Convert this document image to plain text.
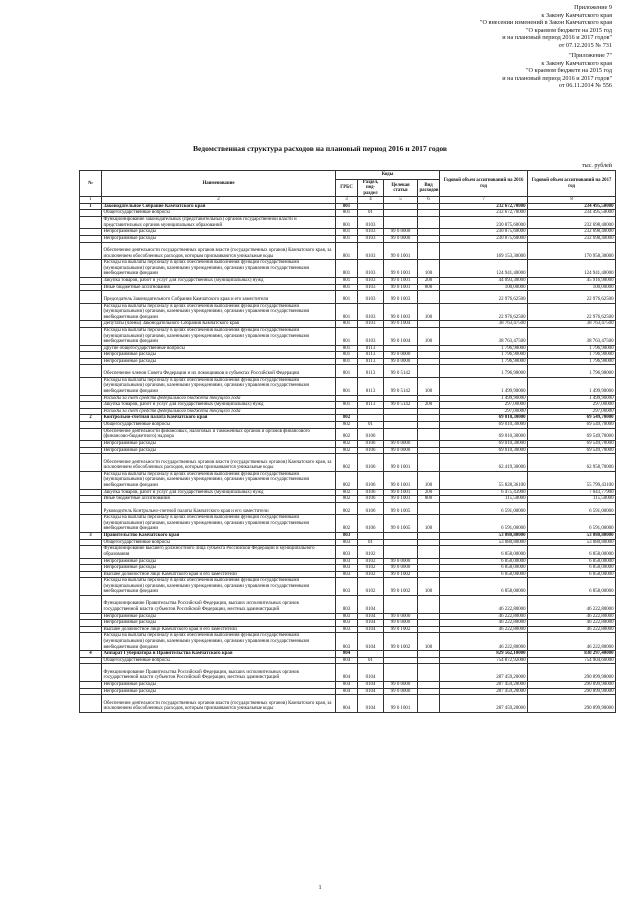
Приложение 9
к Закону Камчатского края
"О внесении изменений в Закон Камчатского края
"О краевом бюджете на 2015 год
и на плановый период 2016 и 2017 годов"
от 07.12.2015 № 731
"Приложение 7"
к Закону Камчатского края
"О краевом бюджете на 2015 год
и на плановый период 2016 и 2017 годов"
от 06.11.2014 № 556
Ведомственная структура расходов на плановый период 2016 и 2017 годов
тыс. рублей
№	Наименование	Коды				Годовой объем ассигнований на 2016 год	Годовой объем ассигнований на 2017 год
		ГРБС	Раздел, под-раздел	Целевая статья	Вид расходов		
1	2	3	4	5	6	7	8
1	Законодательное Собрание Камчатского края	801				232 672,70000	234 495,50000
	Общегосударственные вопросы	801	01			232 672,70000	234 495,50000
	Функционирование законодательных (представительных) органов государственной власти и представительных органов муниципальных образований	801	0103			230 875,60000	232 698,40000
	Непрограммные расходы	801	0103	99 0 0000		230 875,60000	232 698,40000
	Непрограммные расходы	801	0103	99 0 0000		230 875,60000	232 698,40000
	Обеспечение деятельности государственных органов власти (государственных органов) Камчатского края, за исключением обособленных расходов, которым присваиваются уникальные коды	801	0103	99 0 1001		169 153,30000	170 958,30000
	Расходы на выплаты персоналу в целях обеспечения выполнения функций государственными (муниципальными) органами, казенными учреждениями, органами управления государственными внебюджетными фондами	801	0103	99 0 1001	100	124 941,40000	124 941,40000
	Закупка товаров, работ и услуг для государственных (муниципальных) нужд	801	0103	99 0 1001	200	44 093,30000	45 916,90000
	Иные бюджетные ассигнования	801	0103	99 0 1001	800	100,00000	100,00000
	Председатель Законодательного Собрания Камчатского края и его заместители	801	0103	99 0 1003		22 976,62500	22 976,62500
	Расходы на выплаты персоналу в целях обеспечения выполнения функций государственными (муниципальными) органами, казенными учреждениями, органами управления государственными внебюджетными фондами	801	0103	99 0 1003	100	22 976,62500	22 976,62500
	Депутаты (члены) Законодательного Собрания Камчатского края	801	0103	99 0 1004		38 763,47500	38 763,47500
	Расходы на выплаты персоналу в целях обеспечения выполнения функций государственными (муниципальными) органами, казенными учреждениями, органами управления государственными внебюджетными фондами	801	0103	99 0 1004	100	38 763,47500	38 763,47500
	Другие общегосударственные вопросы	801	0113			1 796,90000	1 796,90000
	Непрограммные расходы	801	0113	99 0 0000		1 796,90000	1 796,90000
	Непрограммные расходы	801	0113	99 0 0000		1 796,90000	1 796,90000
	Обеспечение членов Совета Федерации и их помощников в субъектах Российской Федерации	801	0113	99 0 5142		1 796,90000	1 796,90000
	Расходы на выплаты персоналу в целях обеспечения выполнения функций государственными (муниципальными) органами, казенными учреждениями, органами управления государственными внебюджетными фондами	801	0113	99 0 5142	100	1 499,90000	1 499,90000
	Расходы за счет средств федерального бюджета текущего года					1 499,90000	1 499,90000
	Закупка товаров, работ и услуг для государственных (муниципальных) нужд	801	0113	99 0 5142	200	297,00000	297,00000
	Расходы за счет средств федерального бюджета текущего года					297,00000	297,00000
2	Контрольно-счетная палата Камчатского края	802				69 010,30000	69 549,70000
	Общегосударственные вопросы	802	01			69 010,30000	69 549,70000
	Обеспечение деятельности финансовых, налоговых и таможенных органов и органов финансового (финансово-бюджетного) надзора	802	0106			69 010,30000	69 549,70000
	Непрограммные расходы	802	0106	99 0 0000		69 010,30000	69 549,70000
	Непрограммные расходы	802	0106	99 0 0000		69 010,30000	69 549,70000
	Обеспечение деятельности государственных органов власти (государственных органов) Камчатского края, за исключением обособленных расходов, которым присваиваются уникальные коды	802	0106	99 0 1001		62 419,30000	62 958,70000
	Расходы на выплаты персоналу в целях обеспечения выполнения функций государственными (муниципальными) органами, казенными учреждениями, органами управления государственными внебюджетными фондами	802	0106	99 0 1001	100	55 828,36100	55 799,43100
	Закупка товаров, работ и услуг для государственных (муниципальных) нужд	802	0106	99 0 1001	200	6 475,43900	7 043,77900
	Иные бюджетные ассигнования	802	0106	99 0 1001	800	115,50000	115,50000
	Руководитель Контрольно-счетной палаты Камчатского края и его заместители	802	0106	99 0 1005		6 591,00000	6 591,00000
	Расходы на выплаты персоналу в целях обеспечения выполнения функций государственными (муниципальными) органами, казенными учреждениями, органами управления государственными внебюджетными фондами	802	0106	99 0 1005	100	6 591,00000	6 591,00000
3	Правительство Камчатского края	803				53 080,80000	53 080,80000
	Общегосударственные вопросы	803	01			53 080,80000	53 080,80000
	Функционирование высшего должностного лица субъекта Российской Федерации и муниципального образования	803	0102			6 858,00000	6 858,00000
	Непрограммные расходы	803	0102	99 0 0000		6 858,00000	6 858,00000
	Непрограммные расходы	803	0102	99 0 0000		6 858,00000	6 858,00000
	Высшее должностное лицо Камчатского края и его заместители	803	0102	99 0 1002		6 858,00000	6 858,00000
	Расходы на выплаты персоналу в целях обеспечения выполнения функций государственными (муниципальными) органами, казенными учреждениями, органами управления государственными внебюджетными фондами	803	0102	99 0 1002	100	6 858,00000	6 858,00000
	Функционирование Правительства Российской Федерации, высших исполнительных органов государственной власти субъектов Российской Федерации, местных администраций	803	0104			46 222,80000	46 222,80000
	Непрограммные расходы	803	0104	99 0 0000		46 222,80000	46 222,80000
	Непрограммные расходы	803	0104	99 0 0000		46 222,80000	46 222,80000
	Высшее должностное лицо Камчатского края и его заместители	803	0104	99 0 1002		46 222,80000	46 222,80000
	Расходы на выплаты персоналу в целях обеспечения выполнения функций государственными (муниципальными) органами, казенными учреждениями, органами управления государственными внебюджетными фондами	803	0104	99 0 1002	100	46 222,80000	46 222,80000
4	Аппарат Губернатора и Правительства Камчатского края	804				829 562,10000	830 297,40000
	Общегосударственные вопросы	804	01			754 872,92000	754 904,60000
	Функционирование Правительства Российской Федерации, высших исполнительных органов государственной власти субъектов Российской Федерации, местных администраций	804	0104			287 459,20000	290 899,90000
	Непрограммные расходы	804	0104	99 0 0000		287 459,20000	290 899,90000
	Непрограммные расходы	804	0104	99 0 0000		287 459,20000	290 899,90000
	Обеспечение деятельности государственных органов власти (государственных органов) Камчатского края, за исключением обособленных расходов, которым присваиваются уникальные коды	804	0104	99 0 1001		287 459,20000	290 899,90000
1
